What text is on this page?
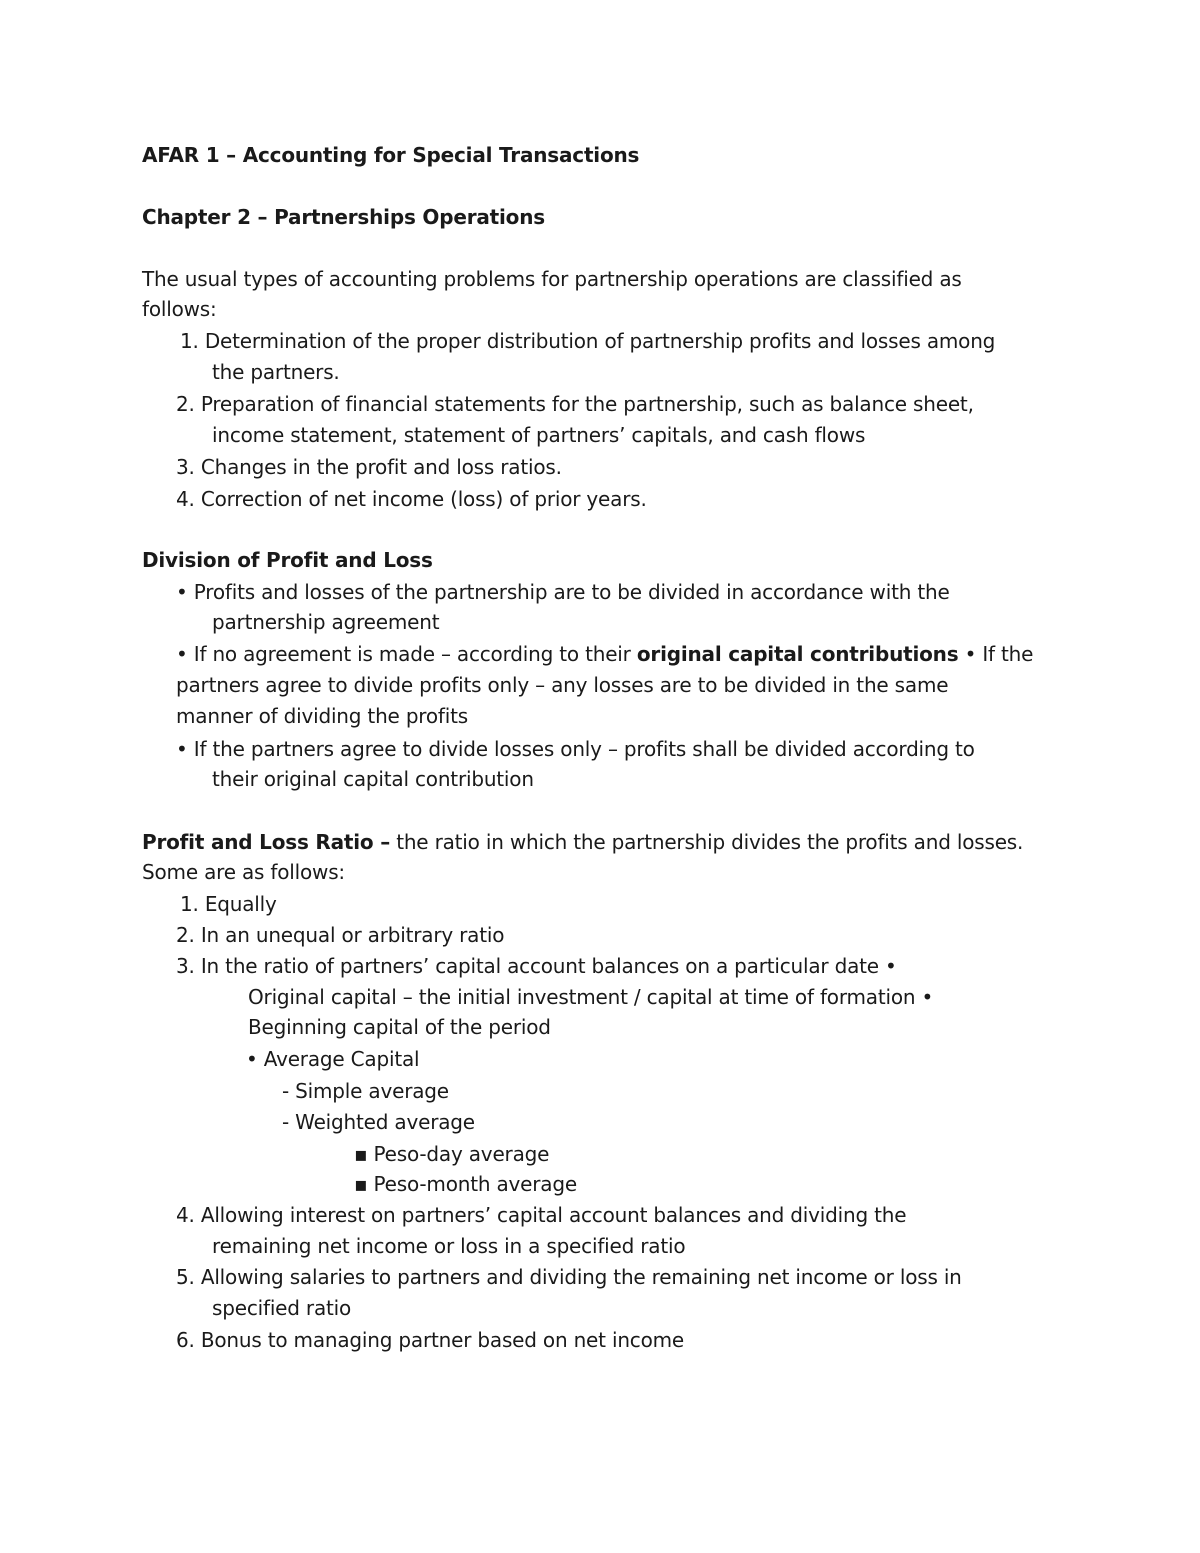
AFAR 1 – Accounting for Special Transactions
Chapter 2 – Partnerships Operations
The usual types of accounting problems for partnership operations are classified as
follows:
1. Determination of the proper distribution of partnership profits and losses among
the partners.
2. Preparation of financial statements for the partnership, such as balance sheet,
income statement, statement of partners’ capitals, and cash flows
3. Changes in the profit and loss ratios.
4. Correction of net income (loss) of prior years.
Division of Profit and Loss
• Profits and losses of the partnership are to be divided in accordance with the
partnership agreement
• If no agreement is made – according to their original capital contributions • If the
partners agree to divide profits only – any losses are to be divided in the same
manner of dividing the profits
• If the partners agree to divide losses only – profits shall be divided according to
their original capital contribution
Profit and Loss Ratio – the ratio in which the partnership divides the profits and losses.
Some are as follows:
1. Equally
2. In an unequal or arbitrary ratio
3. In the ratio of partners’ capital account balances on a particular date •
Original capital – the initial investment / capital at time of formation •
Beginning capital of the period
• Average Capital
- Simple average
- Weighted average
▪ Peso-day average
▪ Peso-month average
4. Allowing interest on partners’ capital account balances and dividing the
remaining net income or loss in a specified ratio
5. Allowing salaries to partners and dividing the remaining net income or loss in
specified ratio
6. Bonus to managing partner based on net income
